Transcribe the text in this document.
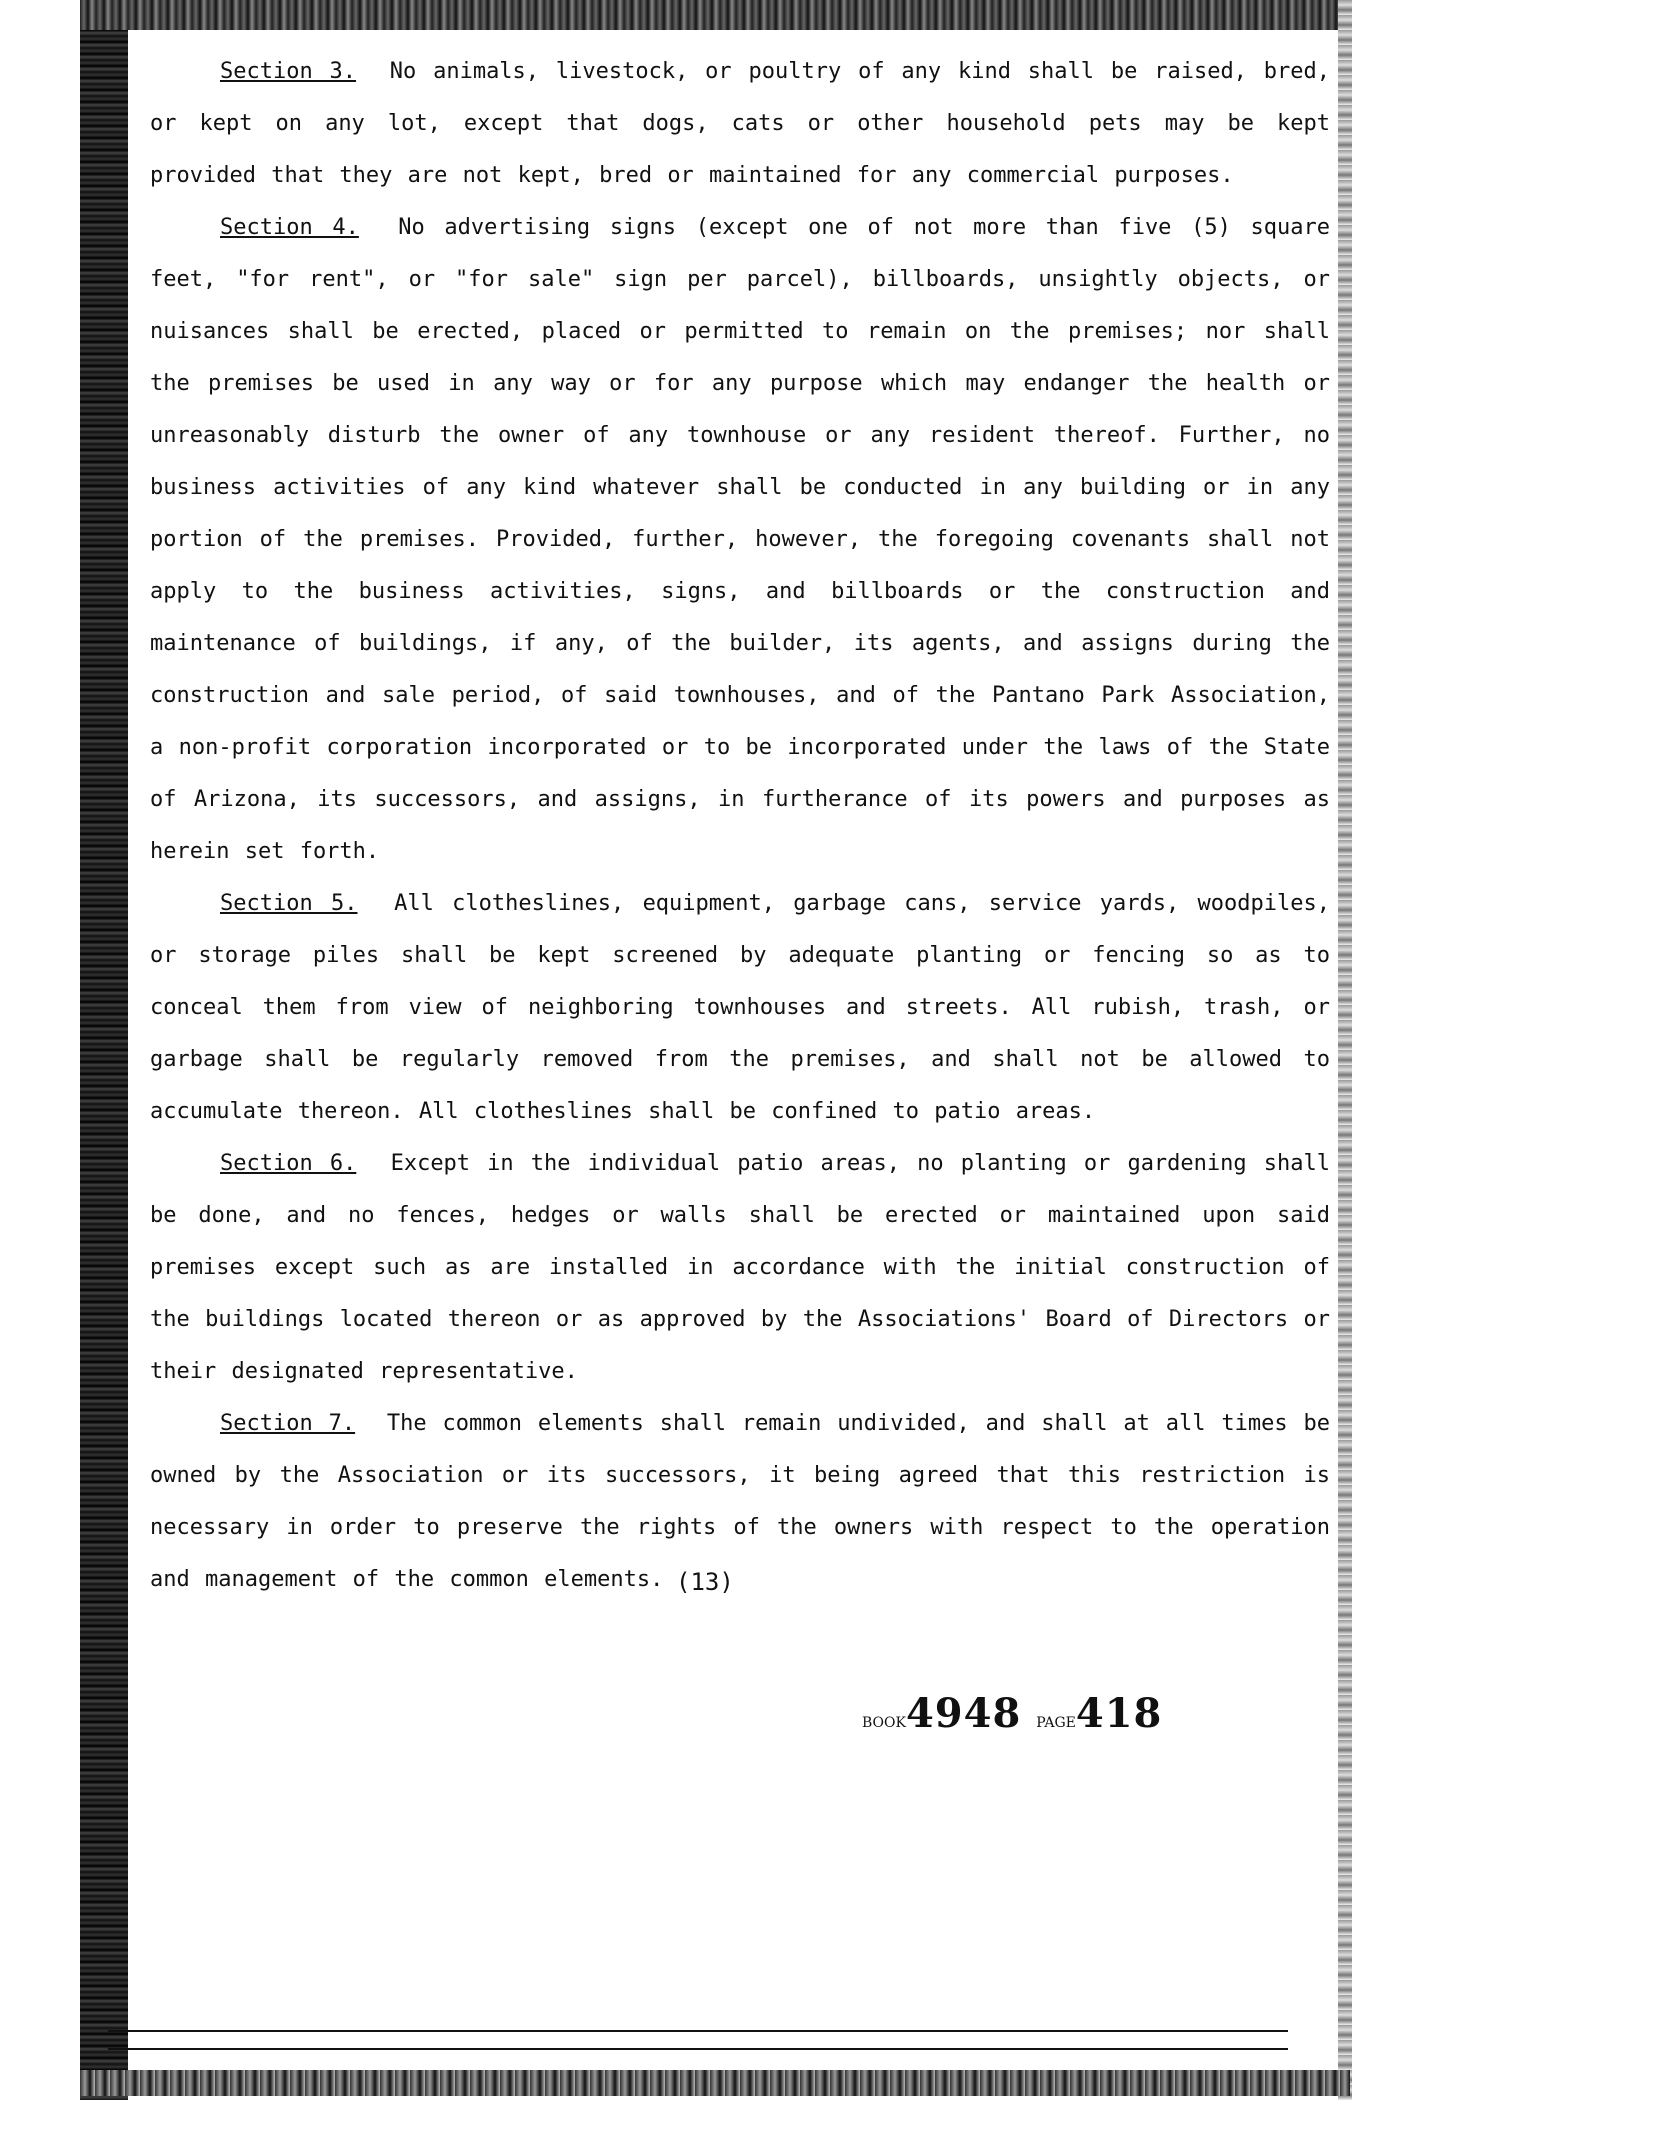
Section 3. No animals, livestock, or poultry of any kind shall be raised, bred, or kept on any lot, except that dogs, cats or other household pets may be kept provided that they are not kept, bred or maintained for any commercial purposes.

Section 4. No advertising signs (except one of not more than five (5) square feet, "for rent", or "for sale" sign per parcel), billboards, unsightly objects, or nuisances shall be erected, placed or permitted to remain on the premises; nor shall the premises be used in any way or for any purpose which may endanger the health or unreasonably disturb the owner of any townhouse or any resident thereof. Further, no business activities of any kind whatever shall be conducted in any building or in any portion of the premises. Provided, further, however, the foregoing covenants shall not apply to the business activities, signs, and billboards or the construction and maintenance of buildings, if any, of the builder, its agents, and assigns during the construction and sale period, of said townhouses, and of the Pantano Park Association, a non-profit corporation incorporated or to be incorporated under the laws of the State of Arizona, its successors, and assigns, in furtherance of its powers and purposes as herein set forth.

Section 5. All clotheslines, equipment, garbage cans, service yards, woodpiles, or storage piles shall be kept screened by adequate planting or fencing so as to conceal them from view of neighboring townhouses and streets. All rubish, trash, or garbage shall be regularly removed from the premises, and shall not be allowed to accumulate thereon. All clotheslines shall be confined to patio areas.

Section 6. Except in the individual patio areas, no planting or gardening shall be done, and no fences, hedges or walls shall be erected or maintained upon said premises except such as are installed in accordance with the initial construction of the buildings located thereon or as approved by the Associations' Board of Directors or their designated representative.

Section 7. The common elements shall remain undivided, and shall at all times be owned by the Association or its successors, it being agreed that this restriction is necessary in order to preserve the rights of the owners with respect to the operation and management of the common elements. (13)
BOOK4948 PAGE418
